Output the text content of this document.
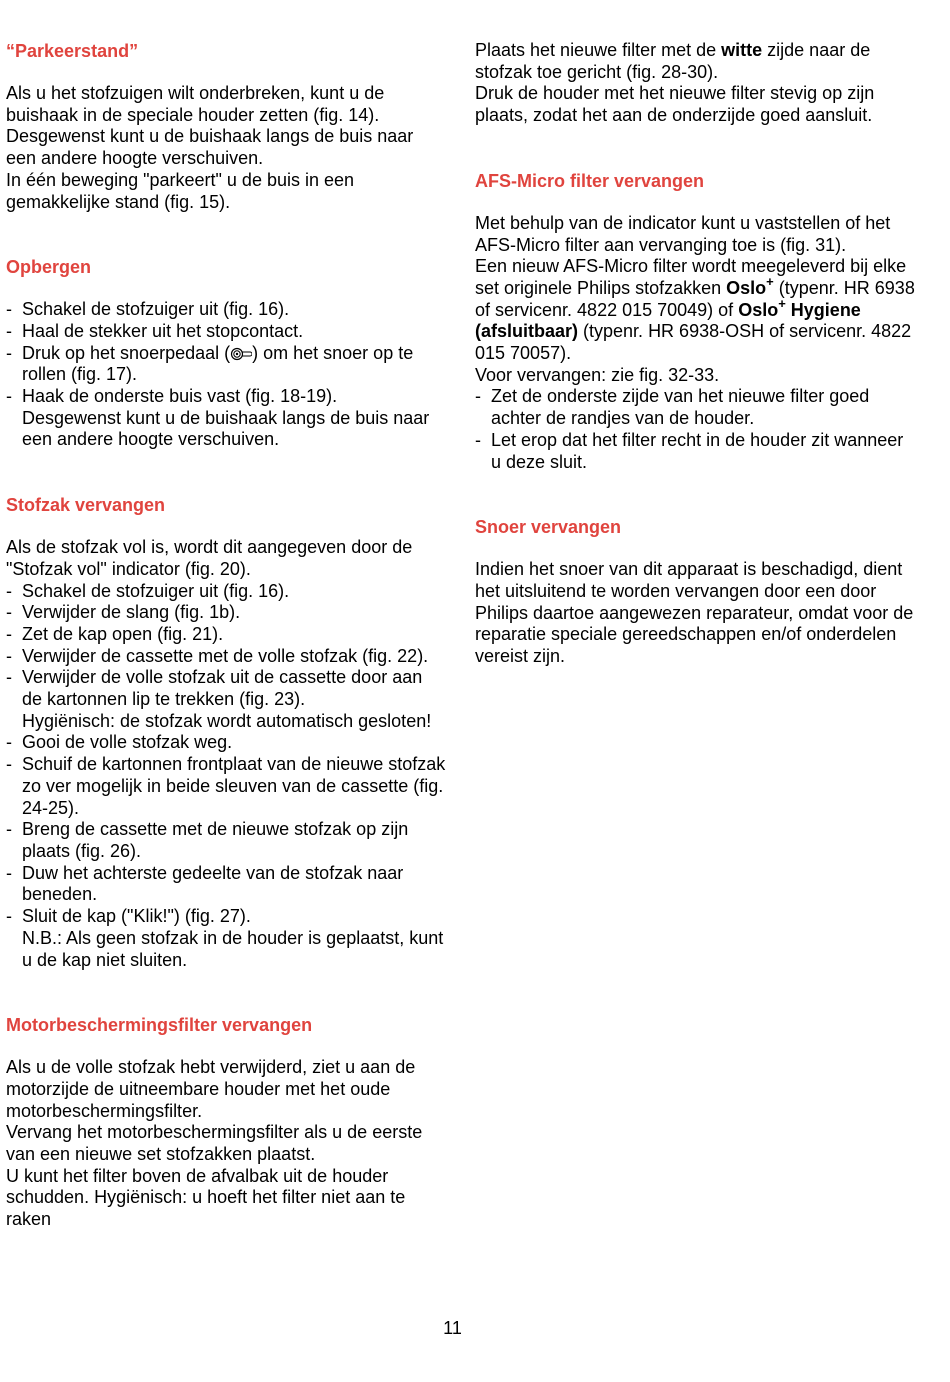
“Parkeerstand”

Als u het stofzuigen wilt onderbreken, kunt u de buishaak in de speciale houder zetten (fig. 14). Desgewenst kunt u de buishaak langs de buis naar een andere hoogte verschuiven.

In één beweging "parkeert" u de buis in een gemakkelijke stand (fig. 15).

Opbergen
- Schakel de stofzuiger uit (fig. 16).
- Haal de stekker uit het stopcontact.
- Druk op het snoerpedaal ( ) om het snoer op te rollen (fig. 17).
- Haak de onderste buis vast (fig. 18-19).
Desgewenst kunt u de buishaak langs de buis naar een andere hoogte verschuiven.
Stofzak vervangen

Als de stofzak vol is, wordt dit aangegeven door de "Stofzak vol" indicator (fig. 20).

- Schakel de stofzuiger uit (fig. 16).
- Verwijder de slang (fig. 1b).
- Zet de kap open (fig. 21).
- Verwijder de cassette met de volle stofzak (fig. 22).
- Verwijder de volle stofzak uit de cassette door aan de kartonnen lip te trekken (fig. 23).
Hygiënisch: de stofzak wordt automatisch gesloten!
- Gooi de volle stofzak weg.
- Schuif de kartonnen frontplaat van de nieuwe stofzak zo ver mogelijk in beide sleuven van de cassette (fig. 24-25).
- Breng de cassette met de nieuwe stofzak op zijn plaats (fig. 26).
- Duw het achterste gedeelte van de stofzak naar beneden.
- Sluit de kap ("Klik!") (fig. 27).
N.B.: Als geen stofzak in de houder is geplaatst, kunt u de kap niet sluiten.
Motorbeschermingsfilter vervangen

Als u de volle stofzak hebt verwijderd, ziet u aan de motorzijde de uitneembare houder met het oude motorbeschermingsfilter.

Vervang het motorbeschermingsfilter als u de eerste van een nieuwe set stofzakken plaatst.

U kunt het filter boven de afvalbak uit de houder schudden. Hygiënisch: u hoeft het filter niet aan te raken

Plaats het nieuwe filter met de witte zijde naar de stofzak toe gericht (fig. 28-30).

Druk de houder met het nieuwe filter stevig op zijn plaats, zodat het aan de onderzijde goed aansluit.

AFS-Micro filter vervangen

Met behulp van de indicator kunt u vaststellen of het AFS-Micro filter aan vervanging toe is (fig. 31).

Een nieuw AFS-Micro filter wordt meegeleverd bij elke set originele Philips stofzakken Oslo+ (typenr. HR 6938 of servicenr. 4822 015 70049) of Oslo+ Hygiene (afsluitbaar) (typenr. HR 6938-OSH of servicenr. 4822 015 70057).

Voor vervangen: zie fig. 32-33.

- Zet de onderste zijde van het nieuwe filter goed achter de randjes van de houder.
- Let erop dat het filter recht in de houder zit wanneer u deze sluit.
Snoer vervangen

Indien het snoer van dit apparaat is beschadigd, dient het uitsluitend te worden vervangen door een door Philips daartoe aangewezen reparateur, omdat voor de reparatie speciale gereedschappen en/of onderdelen vereist zijn.

11
